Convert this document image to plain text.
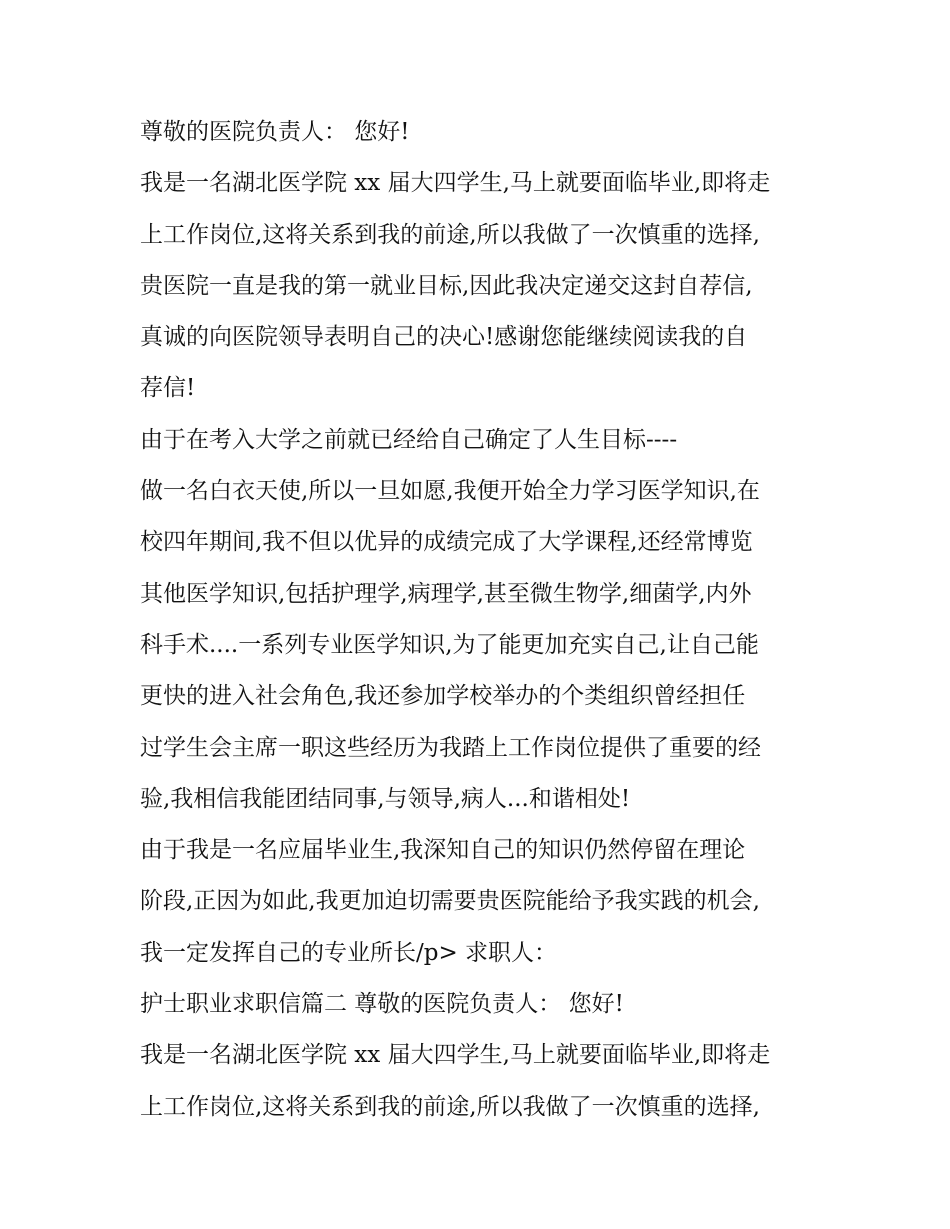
尊敬的医院负责人： 您好!
我是一名湖北医学院 xx 届大四学生,马上就要面临毕业,即将走
上工作岗位,这将关系到我的前途,所以我做了一次慎重的选择,
贵医院一直是我的第一就业目标,因此我决定递交这封自荐信,
真诚的向医院领导表明自己的决心!感谢您能继续阅读我的自
荐信!
由于在考入大学之前就已经给自己确定了人生目标----
做一名白衣天使,所以一旦如愿,我便开始全力学习医学知识,在
校四年期间,我不但以优异的成绩完成了大学课程,还经常博览
其他医学知识,包括护理学,病理学,甚至微生物学,细菌学,内外
科手术....一系列专业医学知识,为了能更加充实自己,让自己能
更快的进入社会角色,我还参加学校举办的个类组织曾经担任
过学生会主席一职这些经历为我踏上工作岗位提供了重要的经
验,我相信我能团结同事,与领导,病人...和谐相处!
由于我是一名应届毕业生,我深知自己的知识仍然停留在理论
阶段,正因为如此,我更加迫切需要贵医院能给予我实践的机会,
我一定发挥自己的专业所长/p> 求职人：
护士职业求职信篇二 尊敬的医院负责人： 您好!
我是一名湖北医学院 xx 届大四学生,马上就要面临毕业,即将走
上工作岗位,这将关系到我的前途,所以我做了一次慎重的选择,
